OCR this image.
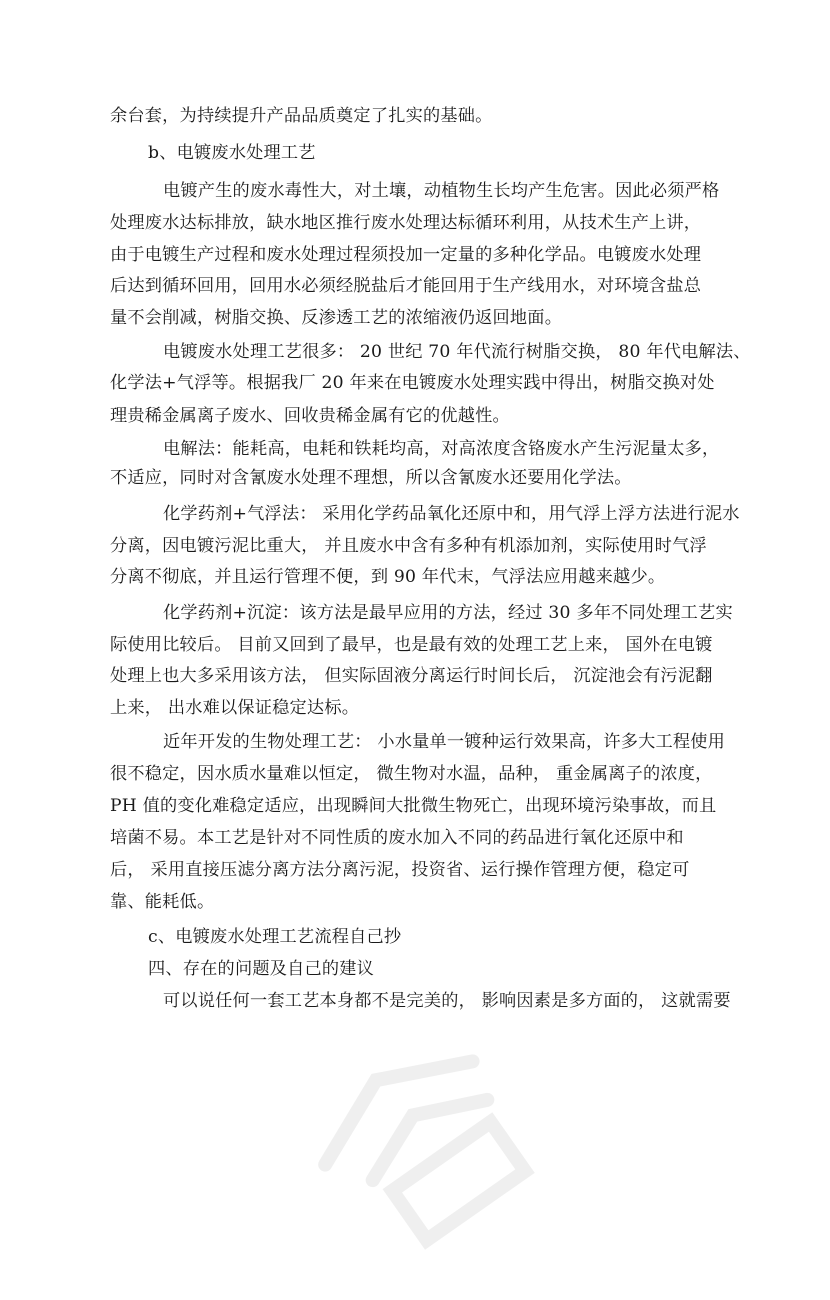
余台套，为持续提升产品品质奠定了扎实的基础。
b、电镀废水处理工艺
电镀产生的废水毒性大，对土壤，动植物生长均产生危害。因此必须严格
处理废水达标排放，缺水地区推行废水处理达标循环利用，从技术生产上讲，
由于电镀生产过程和废水处理过程须投加一定量的多种化学品。电镀废水处理
后达到循环回用，回用水必须经脱盐后才能回用于生产线用水，对环境含盐总
量不会削减，树脂交换、反渗透工艺的浓缩液仍返回地面。
电镀废水处理工艺很多： 20 世纪 70 年代流行树脂交换， 80 年代电解法、
化学法+气浮等。根据我厂 20 年来在电镀废水处理实践中得出，树脂交换对处
理贵稀金属离子废水、回收贵稀金属有它的优越性。
电解法：能耗高，电耗和铁耗均高，对高浓度含铬废水产生污泥量太多，
不适应，同时对含氰废水处理不理想，所以含氰废水还要用化学法。
化学药剂+气浮法： 采用化学药品氧化还原中和，用气浮上浮方法进行泥水
分离，因电镀污泥比重大， 并且废水中含有多种有机添加剂，实际使用时气浮
分离不彻底，并且运行管理不便，到 90 年代末，气浮法应用越来越少。
化学药剂+沉淀：该方法是最早应用的方法，经过 30 多年不同处理工艺实
际使用比较后。 目前又回到了最早，也是最有效的处理工艺上来， 国外在电镀
处理上也大多采用该方法， 但实际固液分离运行时间长后， 沉淀池会有污泥翻
上来， 出水难以保证稳定达标。
近年开发的生物处理工艺： 小水量单一镀种运行效果高，许多大工程使用
很不稳定，因水质水量难以恒定， 微生物对水温，品种， 重金属离子的浓度，
PH 值的变化难稳定适应，出现瞬间大批微生物死亡，出现环境污染事故，而且
培菌不易。本工艺是针对不同性质的废水加入不同的药品进行氧化还原中和
后， 采用直接压滤分离方法分离污泥，投资省、运行操作管理方便，稳定可
靠、能耗低。
c、电镀废水处理工艺流程自己抄
四、存在的问题及自己的建议
可以说任何一套工艺本身都不是完美的， 影响因素是多方面的， 这就需要
